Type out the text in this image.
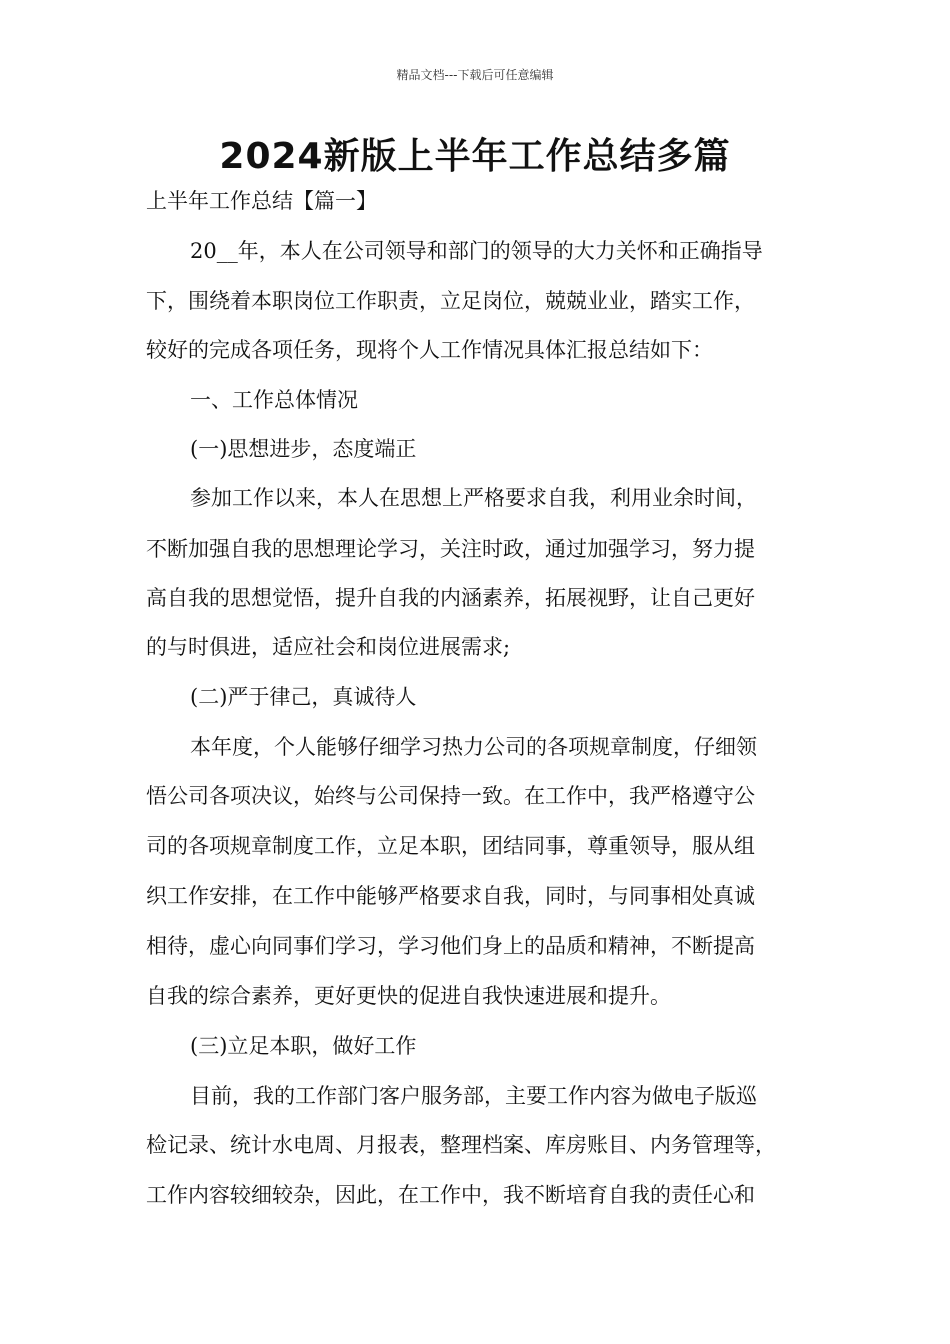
精品文档---下载后可任意编辑
2024新版上半年工作总结多篇
上半年工作总结【篇一】
20__年，本人在公司领导和部门的领导的大力关怀和正确指导
下，围绕着本职岗位工作职责，立足岗位，兢兢业业，踏实工作，
较好的完成各项任务，现将个人工作情况具体汇报总结如下：
一、工作总体情况
(一)思想进步，态度端正
参加工作以来，本人在思想上严格要求自我，利用业余时间，
不断加强自我的思想理论学习，关注时政，通过加强学习，努力提
高自我的思想觉悟，提升自我的内涵素养，拓展视野，让自己更好
的与时俱进，适应社会和岗位进展需求;
(二)严于律己，真诚待人
本年度，个人能够仔细学习热力公司的各项规章制度，仔细领
悟公司各项决议，始终与公司保持一致。在工作中，我严格遵守公
司的各项规章制度工作，立足本职，团结同事，尊重领导，服从组
织工作安排，在工作中能够严格要求自我，同时，与同事相处真诚
相待，虚心向同事们学习，学习他们身上的品质和精神，不断提高
自我的综合素养，更好更快的促进自我快速进展和提升。
(三)立足本职，做好工作
目前，我的工作部门客户服务部，主要工作内容为做电子版巡
检记录、统计水电周、月报表，整理档案、库房账目、内务管理等，
工作内容较细较杂，因此，在工作中，我不断培育自我的责任心和
